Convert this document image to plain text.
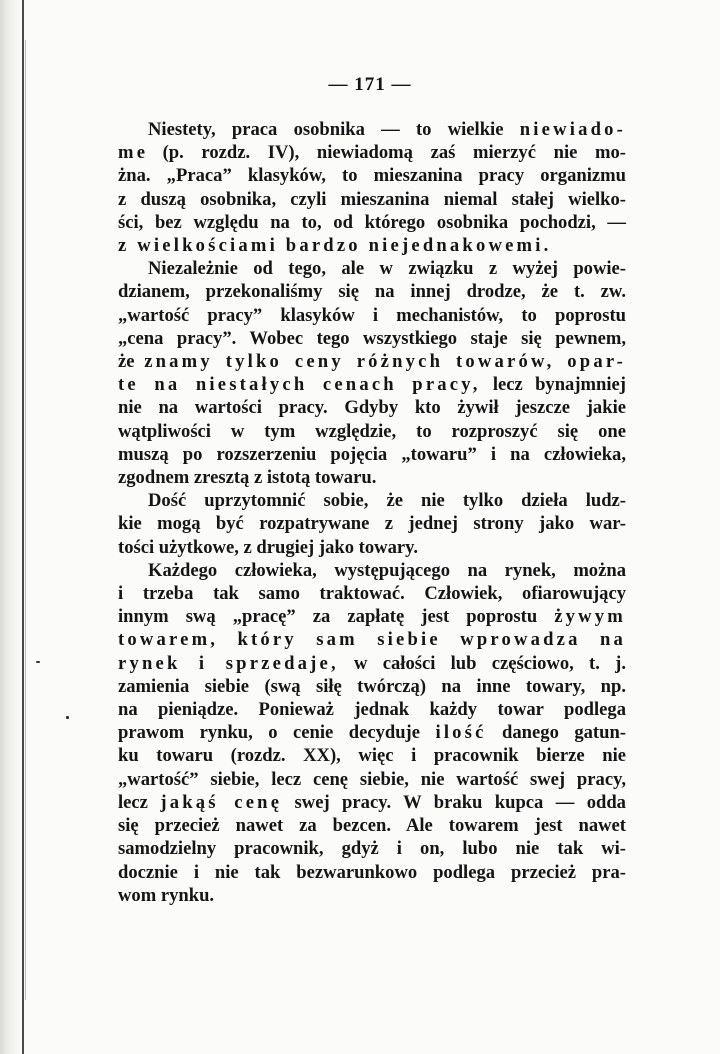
— 171 —
Niestety, praca osobnika — to wielkie niewiado-
me (p. rozdz. IV), niewiadomą zaś mierzyć nie mo-
żna. „Praca” klasyków, to mieszanina pracy organizmu
z duszą osobnika, czyli mieszanina niemal stałej wielko-
ści, bez względu na to, od którego osobnika pochodzi, —
z wielkościami bardzo niejednakowemi.
Niezależnie od tego, ale w związku z wyżej powie-
dzianem, przekonaliśmy się na innej drodze, że t. zw.
„wartość pracy” klasyków i mechanistów, to poprostu
„cena pracy”. Wobec tego wszystkiego staje się pewnem,
że znamy tylko ceny różnych towarów, opar-
te na niestałych cenach pracy, lecz bynajmniej
nie na wartości pracy. Gdyby kto żywił jeszcze jakie
wątpliwości w tym względzie, to rozproszyć się one
muszą po rozszerzeniu pojęcia „towaru” i na człowieka,
zgodnem zresztą z istotą towaru.
Dość uprzytomnić sobie, że nie tylko dzieła ludz-
kie mogą być rozpatrywane z jednej strony jako war-
tości użytkowe, z drugiej jako towary.
Każdego człowieka, występującego na rynek, można
i trzeba tak samo traktować. Człowiek, ofiarowujący
innym swą „pracę” za zapłatę jest poprostu żywym
towarem, który sam siebie wprowadza na
rynek i sprzedaje, w całości lub częściowo, t. j.
zamienia siebie (swą siłę twórczą) na inne towary, np.
na pieniądze. Ponieważ jednak każdy towar podlega
prawom rynku, o cenie decyduje ilość danego gatun-
ku towaru (rozdz. XX), więc i pracownik bierze nie
„wartość” siebie, lecz cenę siebie, nie wartość swej pracy,
lecz jakąś cenę swej pracy. W braku kupca — odda
się przecież nawet za bezcen. Ale towarem jest nawet
samodzielny pracownik, gdyż i on, lubo nie tak wi-
docznie i nie tak bezwarunkowo podlega przecież pra-
wom rynku.
